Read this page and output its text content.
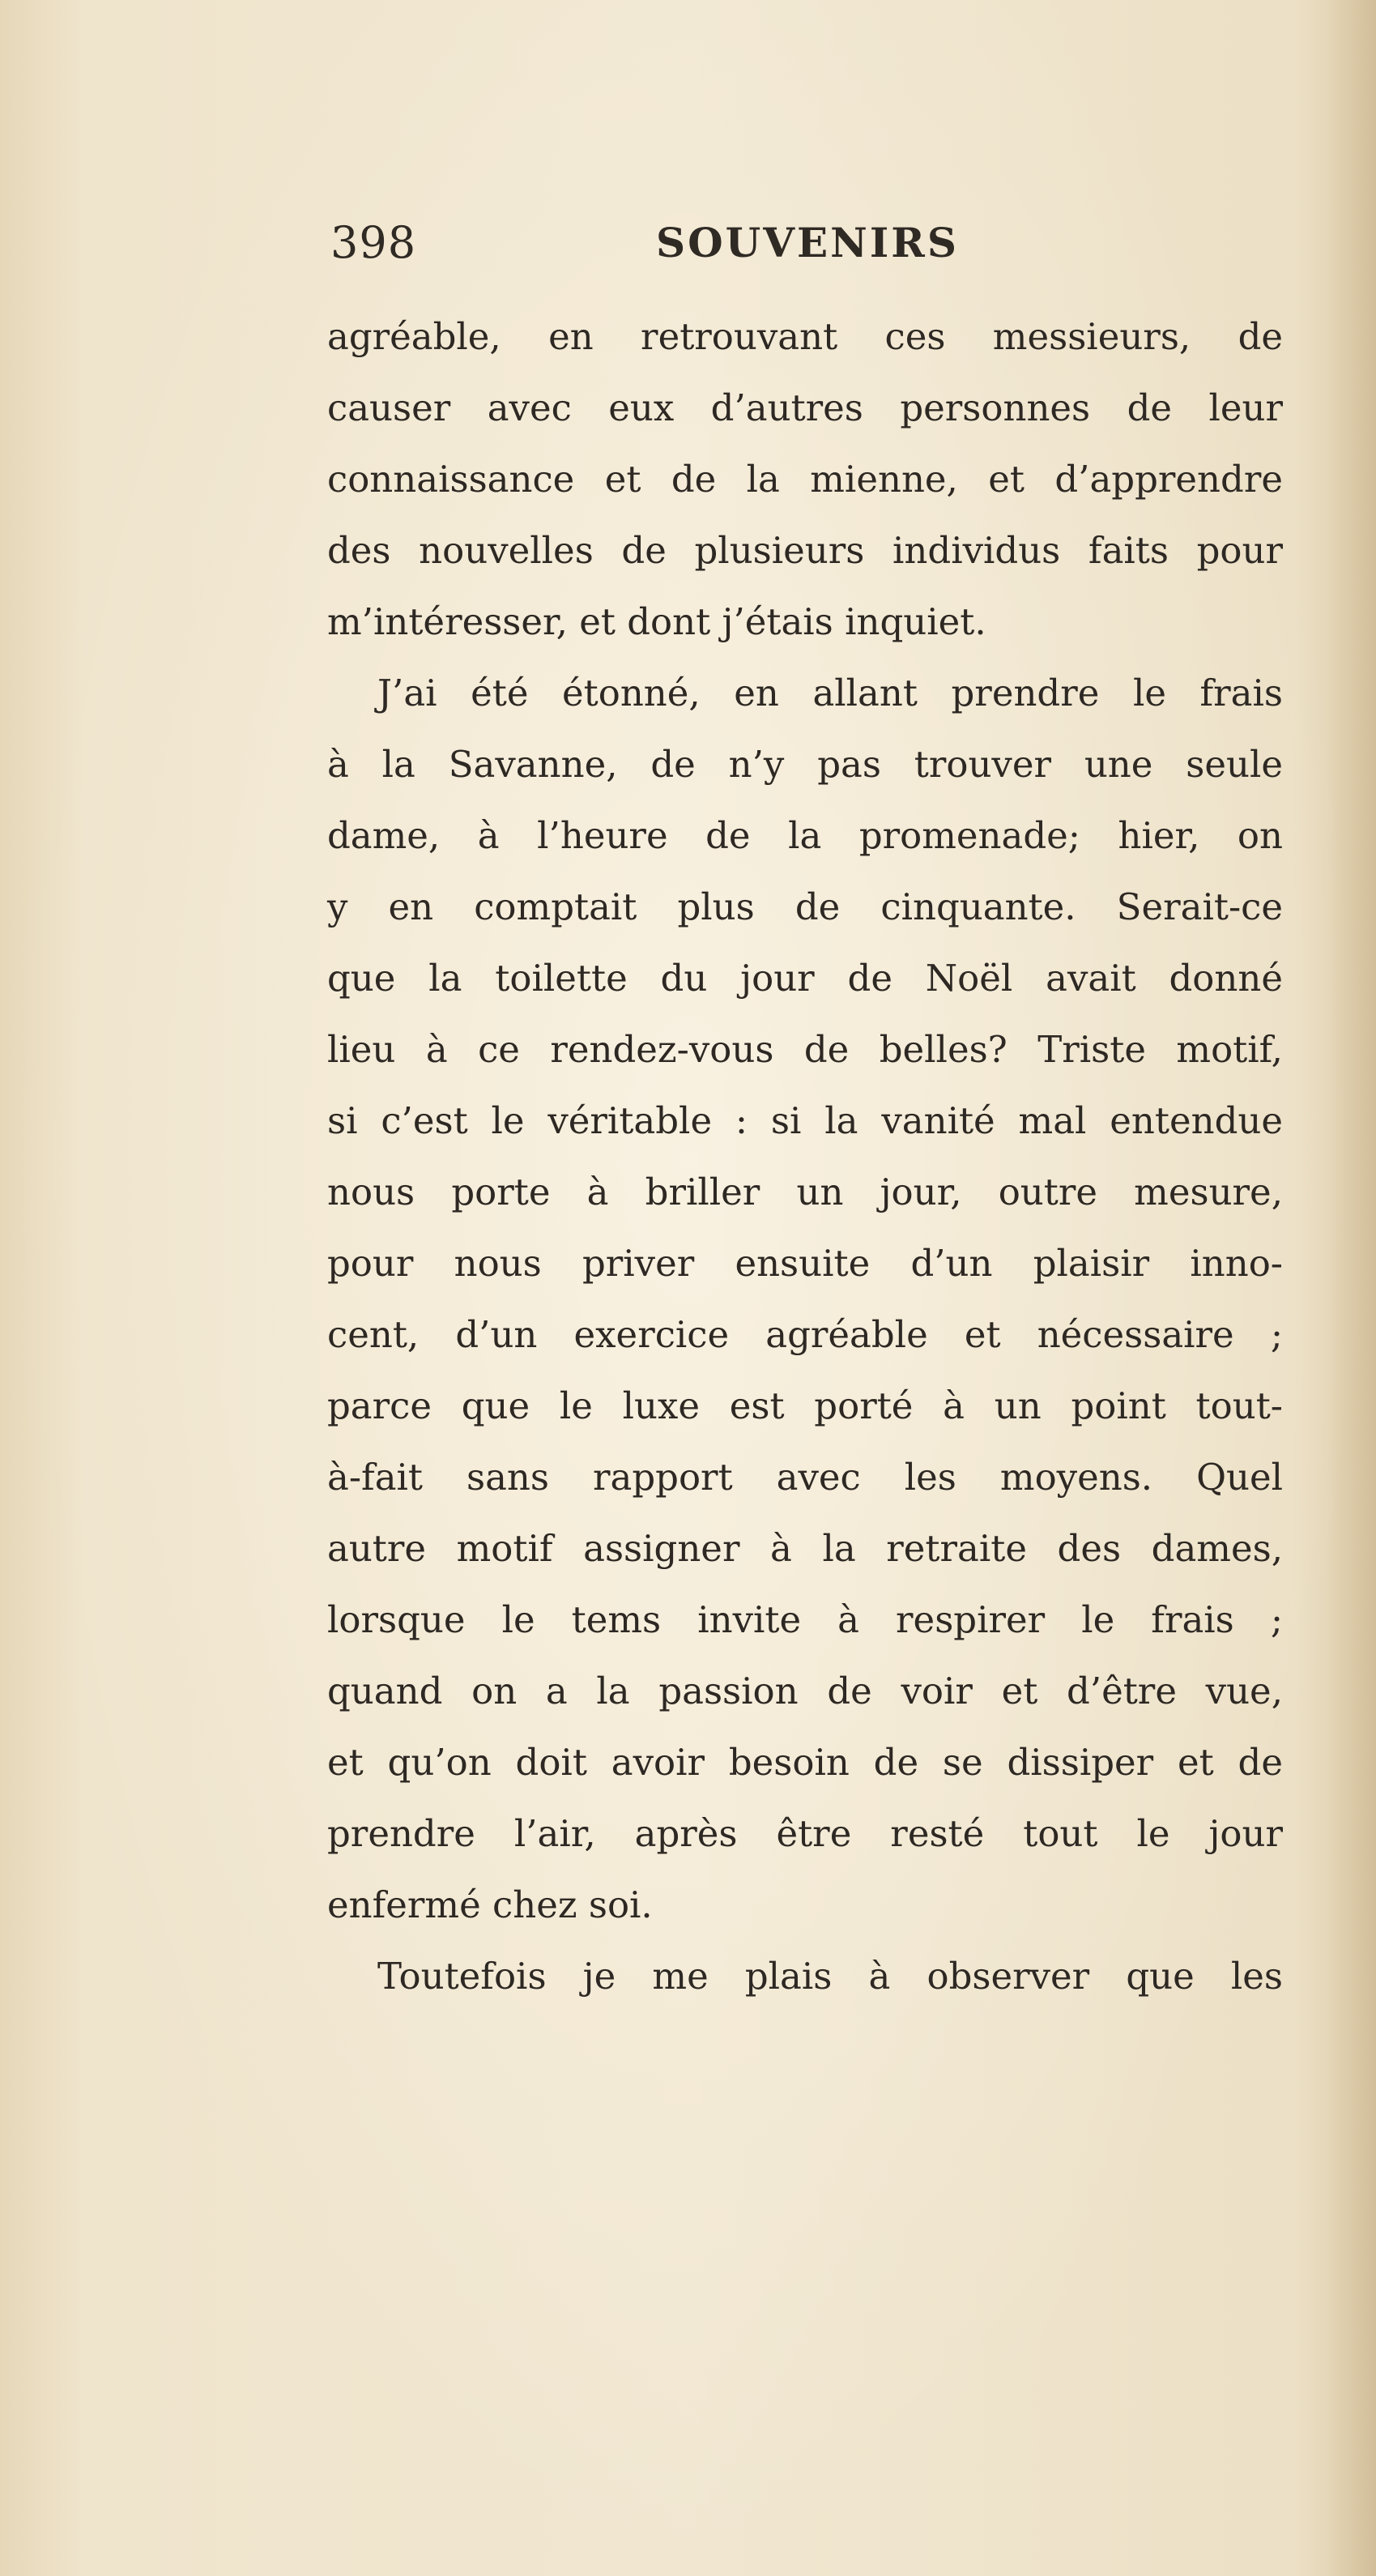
398	SOUVENIRS
agréable, en retrouvant ces messieurs, de
causer avec eux d’autres personnes de leur
connaissance et de la mienne, et d’apprendre
des nouvelles de plusieurs individus faits pour
m’intéresser, et dont j’étais inquiet.
J’ai été étonné, en allant prendre le frais
à la Savanne, de n’y pas trouver une seule
dame, à l’heure de la promenade; hier, on
y en comptait plus de cinquante. Serait-ce
que la toilette du jour de Noël avait donné
lieu à ce rendez-vous de belles? Triste motif,
si c’est le véritable : si la vanité mal entendue
nous porte à briller un jour, outre mesure,
pour nous priver ensuite d’un plaisir inno-
cent, d’un exercice agréable et nécessaire ;
parce que le luxe est porté à un point tout-
à-fait sans rapport avec les moyens. Quel
autre motif assigner à la retraite des dames,
lorsque le tems invite à respirer le frais ;
quand on a la passion de voir et d’être vue,
et qu’on doit avoir besoin de se dissiper et de
prendre l’air, après être resté tout le jour
enfermé chez soi.
Toutefois je me plais à observer que les
